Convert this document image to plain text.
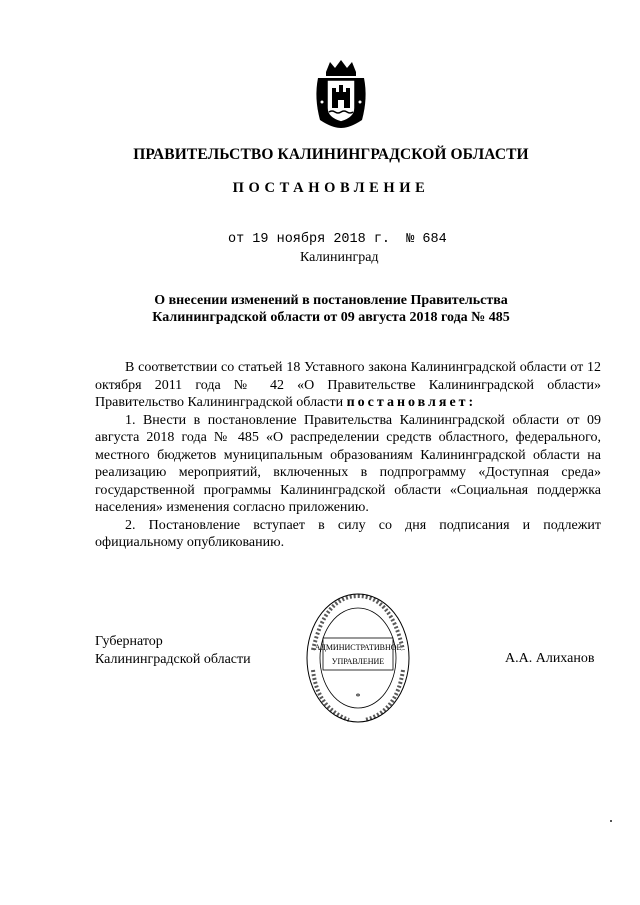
ПРАВИТЕЛЬСТВО КАЛИНИНГРАДСКОЙ ОБЛАСТИ
ПОСТАНОВЛЕНИЕ
от 19 ноября 2018 г.  № 684
Калининград
О внесении изменений в постановление Правительства
Калининградской области от 09 августа 2018 года № 485

В соответствии со статьей 18 Уставного закона Калининградской области от 12 октября 2011 года № 42 «О Правительстве Калининградской области» Правительство Калининградской области постановляет:

1. Внести в постановление Правительства Калининградской области от 09 августа 2018 года № 485 «О распределении средств областного, федерального, местного бюджетов муниципальным образованиям Калининградской области на реализацию мероприятий, включенных в подпрограмму «Доступная среда» государственной программы Калининградской области «Социальная поддержка населения» изменения согласно приложению.

2. Постановление вступает в силу со дня подписания и подлежит официальному опубликованию.

Губернатор
Калининградской области
АДМИНИСТРАТИВНОЕ
УПРАВЛЕНИЕ
*
А.А. Алиханов
